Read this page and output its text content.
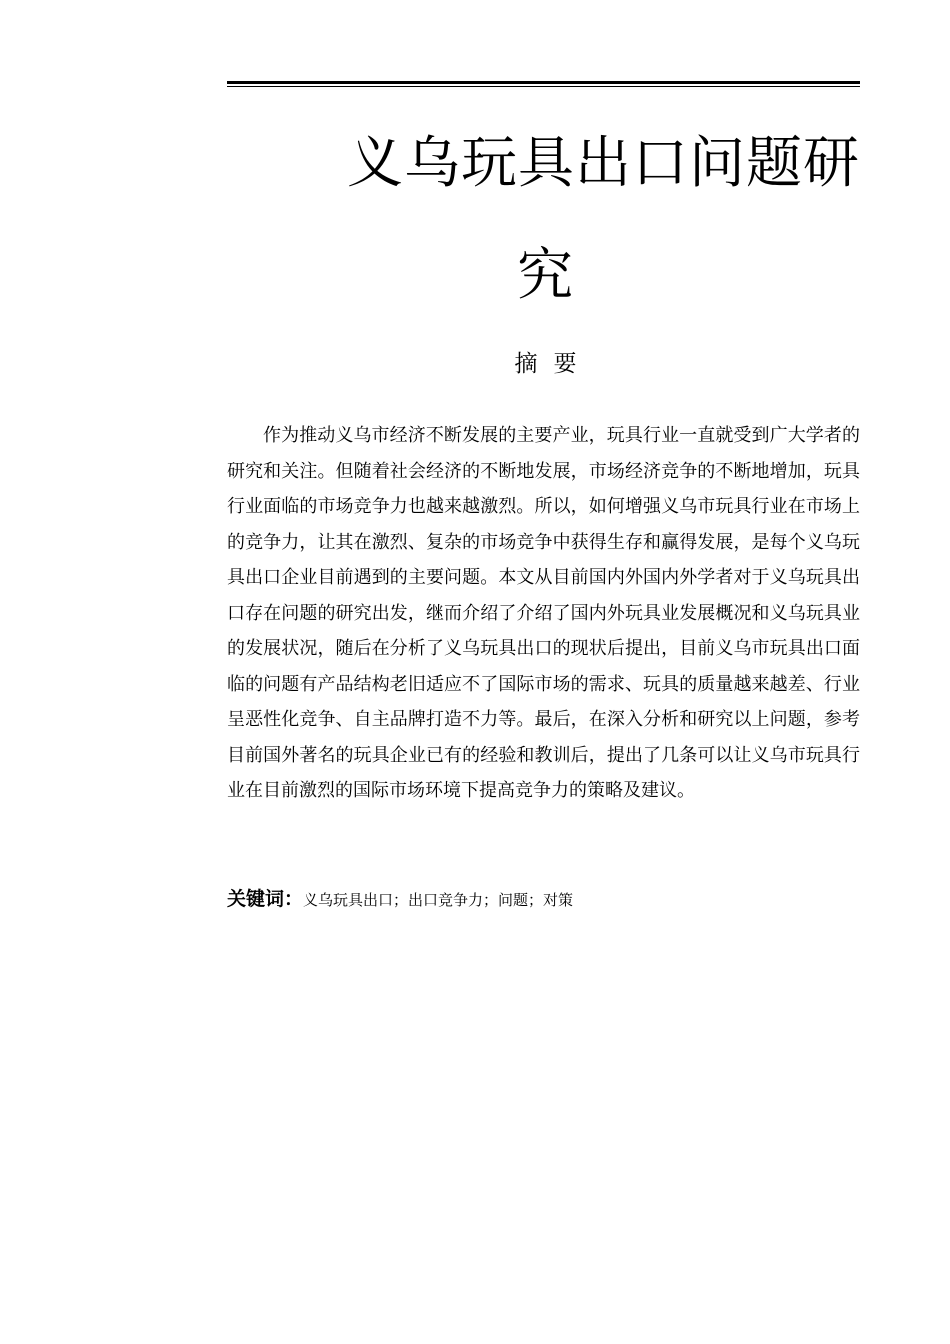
义乌玩具出口问题研
究
摘要

作为推动义乌市经济不断发展的主要产业，玩具行业一直就受到广大学者的研究和关注。但随着社会经济的不断地发展，市场经济竞争的不断地增加，玩具行业面临的市场竞争力也越来越激烈。所以，如何增强义乌市玩具行业在市场上的竞争力，让其在激烈、复杂的市场竞争中获得生存和赢得发展，是每个义乌玩具出口企业目前遇到的主要问题。本文从目前国内外国内外学者对于义乌玩具出口存在问题的研究出发，继而介绍了介绍了国内外玩具业发展概况和义乌玩具业的发展状况，随后在分析了义乌玩具出口的现状后提出，目前义乌市玩具出口面临的问题有产品结构老旧适应不了国际市场的需求、玩具的质量越来越差、行业呈恶性化竞争、自主品牌打造不力等。最后，在深入分析和研究以上问题，参考目前国外著名的玩具企业已有的经验和教训后，提出了几条可以让义乌市玩具行业在目前激烈的国际市场环境下提高竞争力的策略及建议。

关键词：义乌玩具出口；出口竞争力；问题；对策
